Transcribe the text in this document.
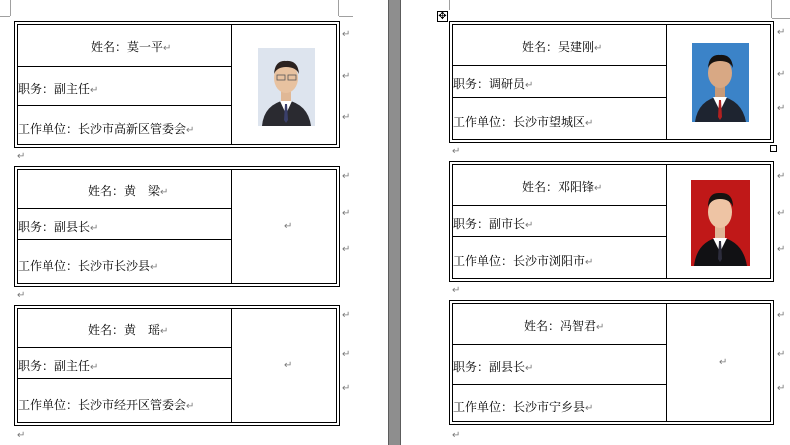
姓名：莫一平↵
职务：副主任↵
工作单位：长沙市高新区管委会↵
↵
姓名：黄　梁↵
职务：副县长↵
工作单位：长沙市长沙县↵
↵
↵
姓名：黄　瑶↵
职务：副主任↵
工作单位：长沙市经开区管委会↵
↵
↵
↵
↵
↵
↵
↵
↵
↵
↵
↵
✥
姓名：吴建刚↵
职务：调研员↵
工作单位：长沙市望城区↵
↵
姓名：邓阳锋↵
职务：副市长↵
工作单位：长沙市浏阳市↵
↵
姓名：冯智君↵
职务：副县长↵
工作单位：长沙市宁乡县↵
↵
↵
↵
↵
↵
↵
↵
↵
↵
↵
↵
